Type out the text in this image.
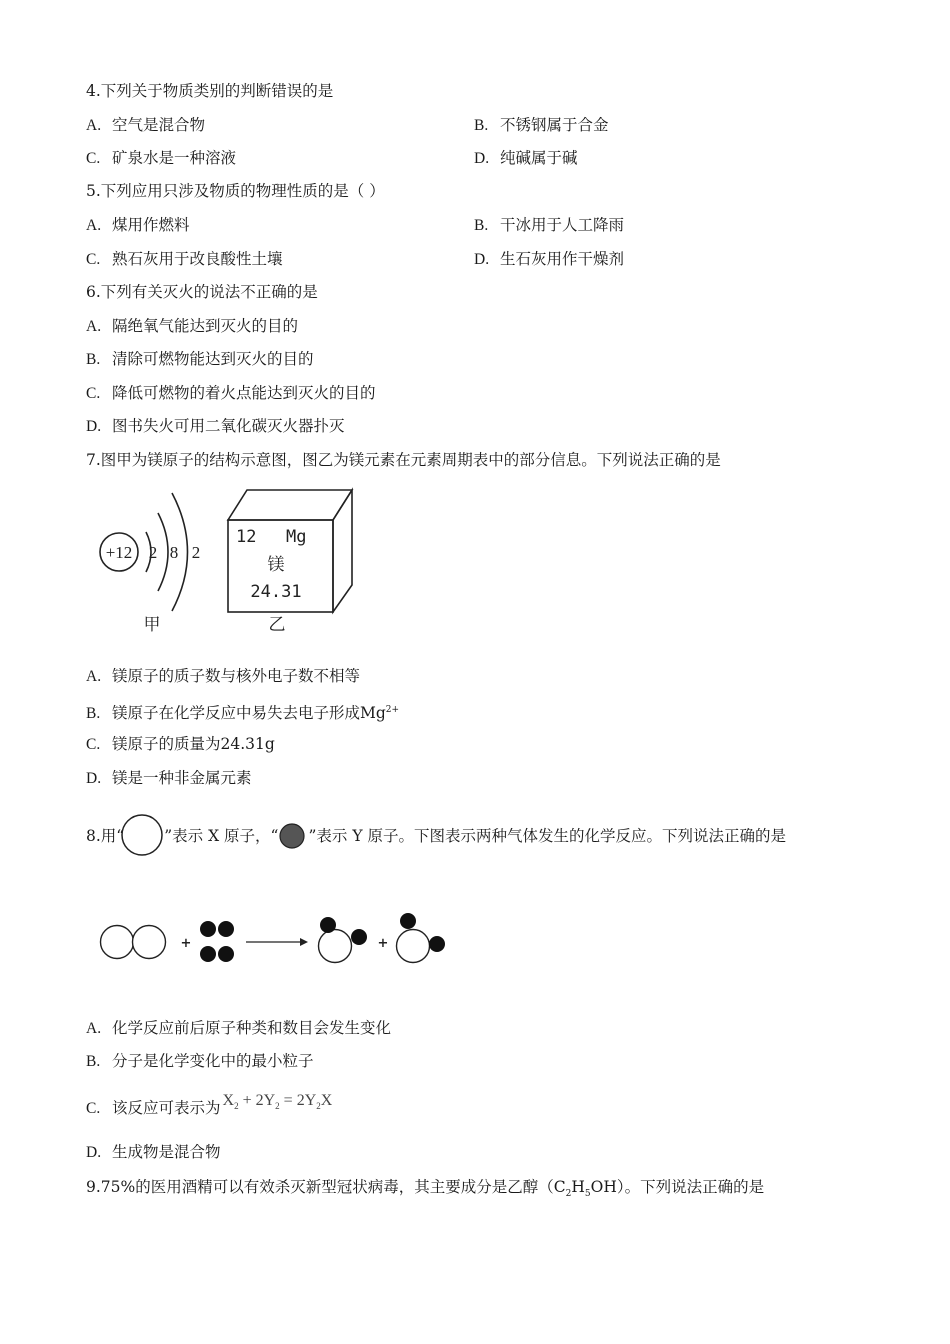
4.下列关于物质类别的判断错误的是
A. 空气是混合物	B. 不锈钢属于合金
C. 矿泉水是一种溶液	D. 纯碱属于碱
5.下列应用只涉及物质的物理性质的是（ ）
A. 煤用作燃料	B. 干冰用于人工降雨
C. 熟石灰用于改良酸性土壤	D. 生石灰用作干燥剂
6.下列有关灭火的说法不正确的是
A. 隔绝氧气能达到灭火的目的
B. 清除可燃物能达到灭火的目的
C. 降低可燃物的着火点能达到灭火的目的
D. 图书失火可用二氧化碳灭火器扑灭
7.图甲为镁原子的结构示意图，图乙为镁元素在元素周期表中的部分信息。下列说法正确的是
+12 2 8 2
甲
12 Mg
镁
24.31
乙
A. 镁原子的质子数与核外电子数不相等
B. 镁原子在化学反应中易失去电子形成$Mg^{2+}$
C. 镁原子的质量为24.31g
D. 镁是一种非金属元素
8.用“	”表示 X 原子，“ ”表示 Y 原子。下图表示两种气体发生的化学反应。下列说法正确的是
+	+
A. 化学反应前后原子种类和数目会发生变化
B. 分子是化学变化中的最小粒子
C. 该反应可表示为 $X_2 + 2Y_2 = 2Y_2X$
D. 生成物是混合物
9.75%的医用酒精可以有效杀灭新型冠状病毒，其主要成分是乙醇$(C_2H_5OH)$。下列说法正确的是
